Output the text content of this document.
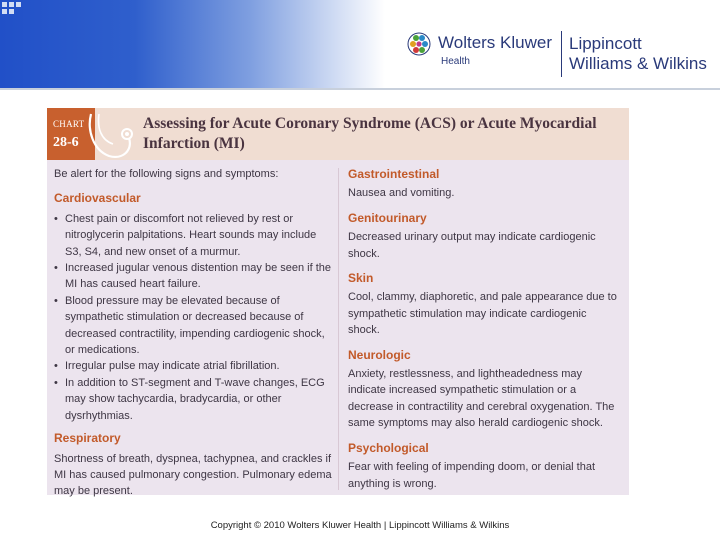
Wolters Kluwer
Health
Lippincott
Williams & Wilkins
CHART
28-6
Assessing for Acute Coronary Syndrome (ACS) or Acute Myocardial Infarction (MI)
Be alert for the following signs and symptoms:
Cardiovascular
• Chest pain or discomfort not relieved by rest or nitroglycerin palpitations. Heart sounds may include S3, S4, and new onset of a murmur.
• Increased jugular venous distention may be seen if the MI has caused heart failure.
• Blood pressure may be elevated because of sympathetic stimulation or decreased because of decreased contractility, impending cardiogenic shock, or medications.
• Irregular pulse may indicate atrial fibrillation.
• In addition to ST-segment and T-wave changes, ECG may show tachycardia, bradycardia, or other dysrhythmias.
Respiratory
Shortness of breath, dyspnea, tachypnea, and crackles if MI has caused pulmonary congestion. Pulmonary edema may be present.
Gastrointestinal
Nausea and vomiting.
Genitourinary
Decreased urinary output may indicate cardiogenic shock.
Skin
Cool, clammy, diaphoretic, and pale appearance due to sympathetic stimulation may indicate cardiogenic shock.
Neurologic
Anxiety, restlessness, and lightheadedness may indicate increased sympathetic stimulation or a decrease in contractility and cerebral oxygenation. The same symptoms may also herald cardiogenic shock.
Psychological
Fear with feeling of impending doom, or denial that anything is wrong.
Copyright © 2010 Wolters Kluwer Health | Lippincott Williams & Wilkins
